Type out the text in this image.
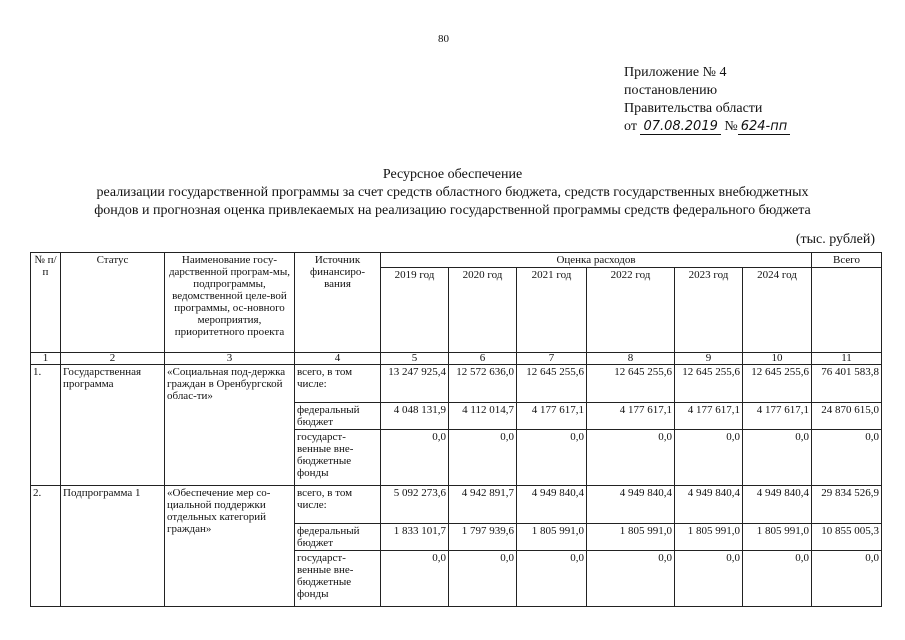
80
Приложение № 4
постановлению
Правительства области
от 07.08.2019 № 624-пп
Ресурсное обеспечение
реализации государственной программы за счет средств областного бюджета, средств государственных внебюджетных
фондов и прогнозная оценка привлекаемых на реализацию государственной программы средств федерального бюджета
(тыс. рублей)
№ п/п	Статус	Наименование госу-дарственной програм-мы, подпрограммы, ведомственной целе-вой программы, ос-новного мероприятия, приоритетного проекта	Источник финансиро-вания	Оценка расходов						Всего
				2019 год	2020 год	2021 год	2022 год	2023 год	2024 год	
1	2	3	4	5	6	7	8	9	10	11
1.	Государственная программа	«Социальная под-держка граждан в Оренбургской облас-ти»	всего, в том числе:	13 247 925,4	12 572 636,0	12 645 255,6	12 645 255,6	12 645 255,6	12 645 255,6	76 401 583,8
			федеральный бюджет	4 048 131,9	4 112 014,7	4 177 617,1	4 177 617,1	4 177 617,1	4 177 617,1	24 870 615,0
			государст-венные вне-бюджетные фонды	0,0	0,0	0,0	0,0	0,0	0,0	0,0
2.	Подпрограмма 1	«Обеспечение мер со-циальной поддержки отдельных категорий граждан»	всего, в том числе:	5 092 273,6	4 942 891,7	4 949 840,4	4 949 840,4	4 949 840,4	4 949 840,4	29 834 526,9
			федеральный бюджет	1 833 101,7	1 797 939,6	1 805 991,0	1 805 991,0	1 805 991,0	1 805 991,0	10 855 005,3
			государст-венные вне-бюджетные фонды	0,0	0,0	0,0	0,0	0,0	0,0	0,0
